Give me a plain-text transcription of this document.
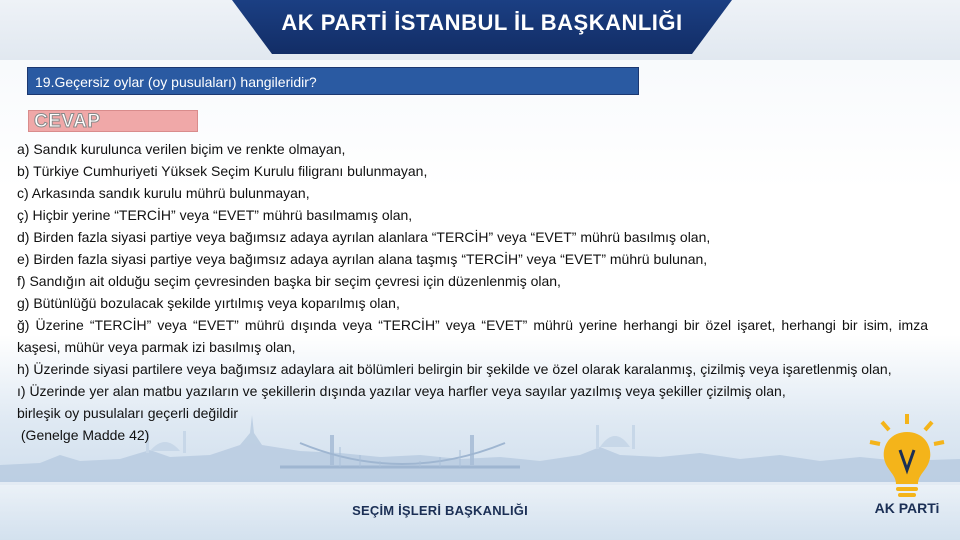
AK PARTİ İSTANBUL İL BAŞKANLIĞI
19.Geçersiz oylar (oy pusulaları) hangileridir?
CEVAP
SEÇİM İŞLERİ BAŞKANLIĞI

a) Sandık kurulunca verilen biçim ve renkte olmayan,

b) Türkiye Cumhuriyeti Yüksek Seçim Kurulu filigranı bulunmayan,

c) Arkasında sandık kurulu mührü bulunmayan,

ç) Hiçbir yerine “TERCİH” veya “EVET” mührü basılmamış olan,

d) Birden fazla siyasi partiye veya bağımsız adaya ayrılan alanlara “TERCİH” veya “EVET” mührü basılmış olan,

e) Birden fazla siyasi partiye veya bağımsız adaya ayrılan alana taşmış “TERCİH” veya “EVET” mührü bulunan,

f) Sandığın ait olduğu seçim çevresinden başka bir seçim çevresi için düzenlenmiş olan,

g) Bütünlüğü bozulacak şekilde yırtılmış veya koparılmış olan,

ğ) Üzerine “TERCİH” veya “EVET” mührü dışında veya “TERCİH” veya “EVET” mührü yerine herhangi bir özel işaret, herhangi bir isim, imza kaşesi, mühür veya parmak izi basılmış olan,

h) Üzerinde siyasi partilere veya bağımsız adaylara ait bölümleri belirgin bir şekilde ve özel olarak karalanmış, çizilmiş veya işaretlenmiş olan,

ı) Üzerinde yer alan matbu yazıların ve şekillerin dışında yazılar veya harfler veya sayılar yazılmış veya şekiller çizilmiş olan,

birleşik oy pusulaları geçerli değildir

(Genelge Madde 42)

AK PARTi
